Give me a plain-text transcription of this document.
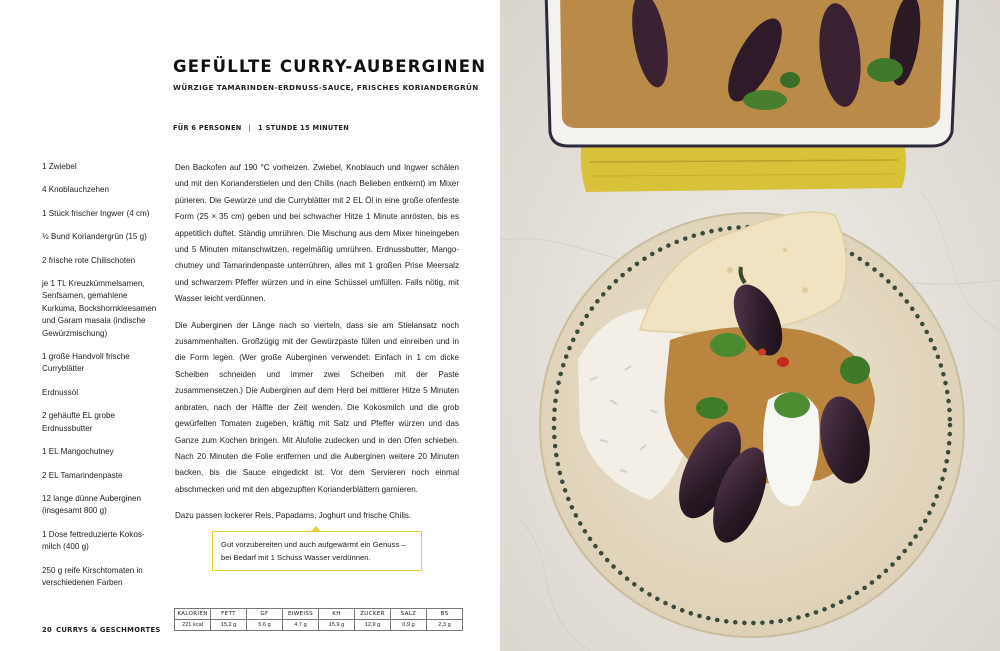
GEFÜLLTE CURRY-AUBERGINEN
WÜRZIGE TAMARINDEN-ERDNUSS-SAUCE, FRISCHES KORIANDERGRÜN
FÜR 6 PERSONEN | 1 STUNDE 15 MINUTEN
1 Zwiebel
4 Knoblauchzehen
1 Stück frischer Ingwer (4 cm)
½ Bund Koriandergrün (15 g)
2 frische rote Chilischoten
je 1 TL Kreuzkümmelsamen, Senfsamen, gemahlene Kurkuma, Bockshornkleesamen und Garam masala (indische Gewürzmischung)
1 große Handvoll frische Curryblätter
Erdnussöl
2 gehäufte EL grobe Erdnussbutter
1 EL Mangochutney
2 EL Tamarindenpaste
12 lange dünne Auberginen (insgesamt 800 g)
1 Dose fettreduzierte Kokosmilch (400 g)
250 g reife Kirschtomaten in verschiedenen Farben

Den Backofen auf 190 °C vorheizen. Zwiebel, Knoblauch und Ingwer schälen und mit den Korianderstielen und den Chilis (nach Belieben entkernt) im Mixer pürieren. Die Gewürze und die Curryblätter mit 2 EL Öl in eine große ofenfeste Form (25 × 35 cm) geben und bei schwacher Hitze 1 Minute anrösten, bis es appetitlich duftet. Ständig umrühren. Die Mischung aus dem Mixer hineingeben und 5 Minuten mitanschwitzen, regelmäßig umrühren. Erdnussbutter, Mangochutney und Tamarindenpaste unterrühren, alles mit 1 großen Prise Meersalz und schwarzem Pfeffer würzen und in eine Schüssel umfüllen. Falls nötig, mit Wasser leicht verdünnen.

Die Auberginen der Länge nach so vierteln, dass sie am Stielansatz noch zusammenhalten. Großzügig mit der Gewürzpaste füllen und einreiben und in die Form legen. (Wer große Auberginen verwendet: Einfach in 1 cm dicke Scheiben schneiden und immer zwei Scheiben mit der Paste zusammensetzen.) Die Auberginen auf dem Herd bei mittlerer Hitze 5 Minuten anbraten, nach der Hälfte der Zeit wenden. Die Kokosmilch und die grob gewürfelten Tomaten zugeben, kräftig mit Salz und Pfeffer würzen und das Ganze zum Kochen bringen. Mit Alufolie zudecken und in den Ofen schieben. Nach 20 Minuten die Folie entfernen und die Auberginen weitere 20 Minuten backen, bis die Sauce eingedickt ist. Vor dem Servieren noch einmal abschmecken und mit den abgezupften Korianderblättern garnieren.

Dazu passen lockerer Reis, Papadams, Joghurt und frische Chilis.

Gut vorzubereiten und auch aufgewärmt ein Genuss – bei Bedarf mit 1 Schuss Wasser verdünnen.

KALORIEN	FETT	GF	EIWEISS	KH	ZUCKER	SALZ	BS
221 kcal	15,2 g	5,6 g	4,7 g	15,9 g	12,9 g	0,9 g	2,3 g
20 CURRYS & GESCHMORTES
